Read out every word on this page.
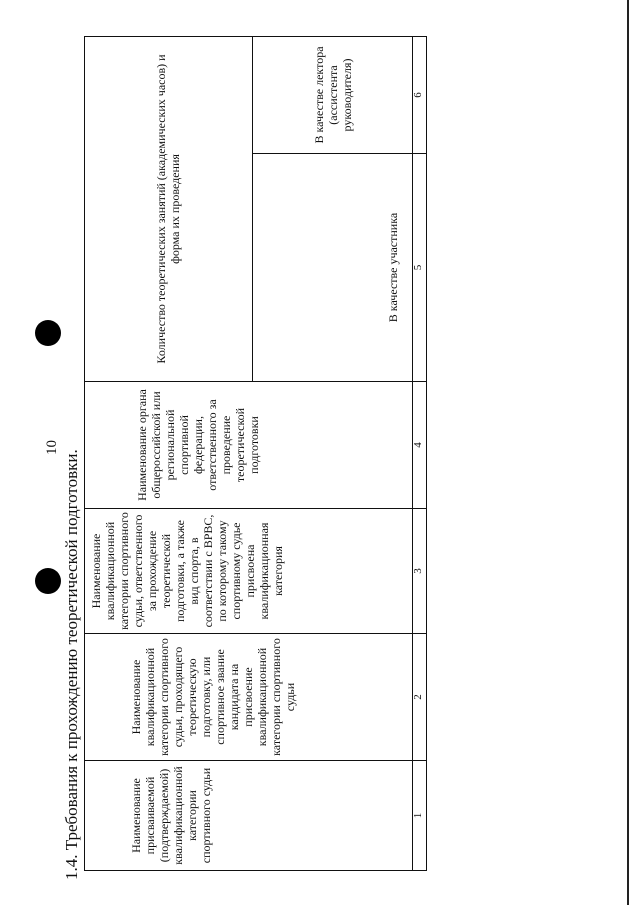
10
1.4. Требования к прохождению теоретической подготовки.	Наименование присваиваемой (подтверждаемой) квалификационной категории спортивного судьи	Наименование квалификационной категории спортивного судьи, проходящего теоретическую подготовку, или спортивное звание кандидата на присвоение квалификационной категории спортивного судьи	Наименование квалификационной категории спортивного судьи, ответственного за прохождение теоретической подготовки, а также вид спорта, в соответствии с ВРВС, по которому такому спортивному судье присвоена квалификационная категория	Наименование органа общероссийской или региональной спортивной федерации, ответственного за проведение теоретической подготовки	Количество теоретических занятий (академических часов) и форма их проведения	
				В качестве участника	В качестве лектора (ассистента руководителя)
1	2	3	4	5	6
